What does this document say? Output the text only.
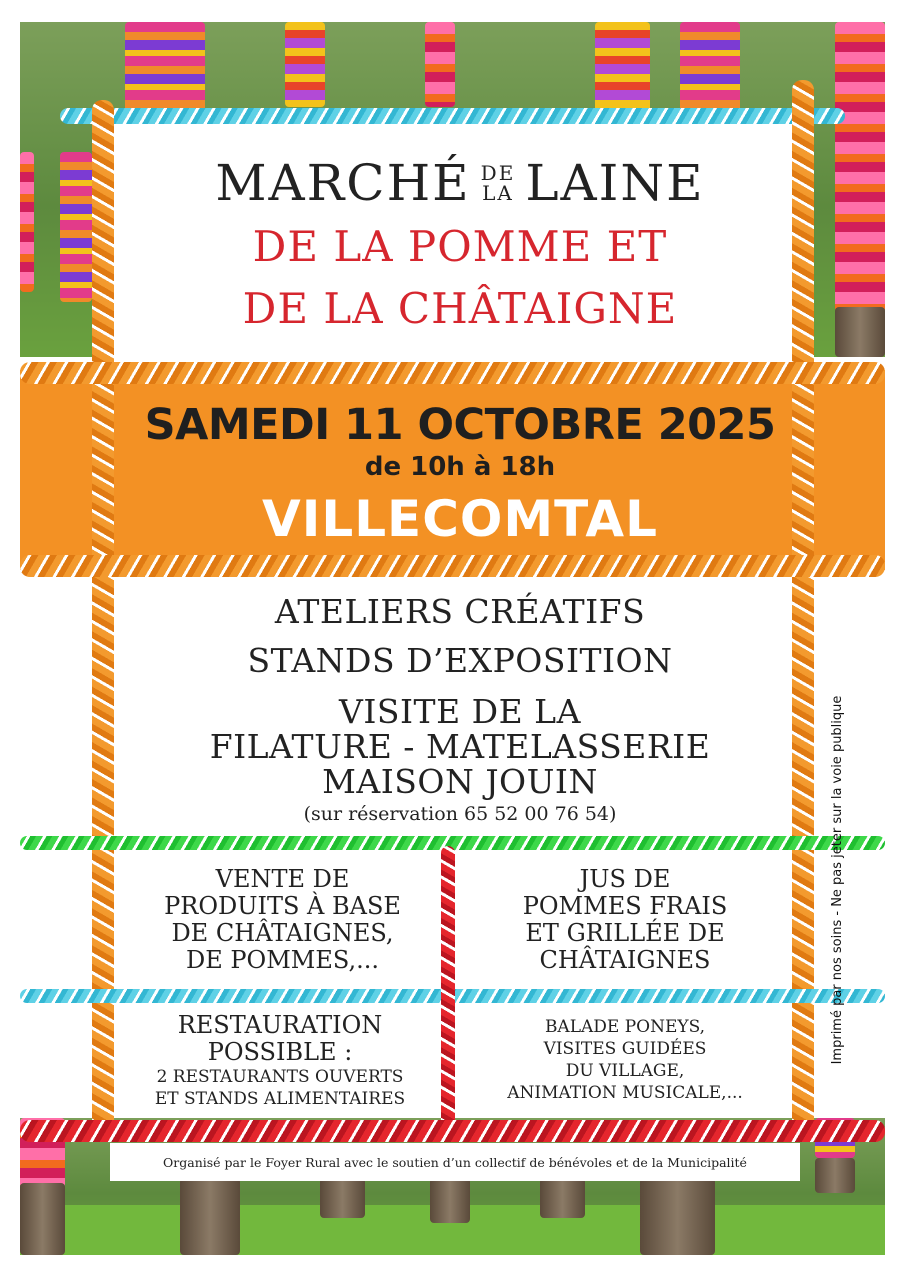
MARCHÉ DE
LA LAINE
DE LA POMME ET
DE LA CHÂTAIGNE
SAMEDI 11 OCTOBRE 2025
de 10h à 18h
VILLECOMTAL
ATELIERS CRÉATIFS
STANDS D’EXPOSITION
VISITE DE LA
FILATURE - MATELASSERIE
MAISON JOUIN
(sur réservation 65 52 00 76 54)
VENTE DE
PRODUITS À BASE
DE CHÂTAIGNES,
DE POMMES,...
JUS DE
POMMES FRAIS
ET GRILLÉE DE
CHÂTAIGNES
RESTAURATION
POSSIBLE :
2 RESTAURANTS OUVERTS
ET STANDS ALIMENTAIRES
BALADE PONEYS,
VISITES GUIDÉES
DU VILLAGE,
ANIMATION MUSICALE,...
Organisé par le Foyer Rural avec le soutien d’un collectif de bénévoles et de la Municipalité
Imprimé par nos soins - Ne pas jeter sur la voie publique
